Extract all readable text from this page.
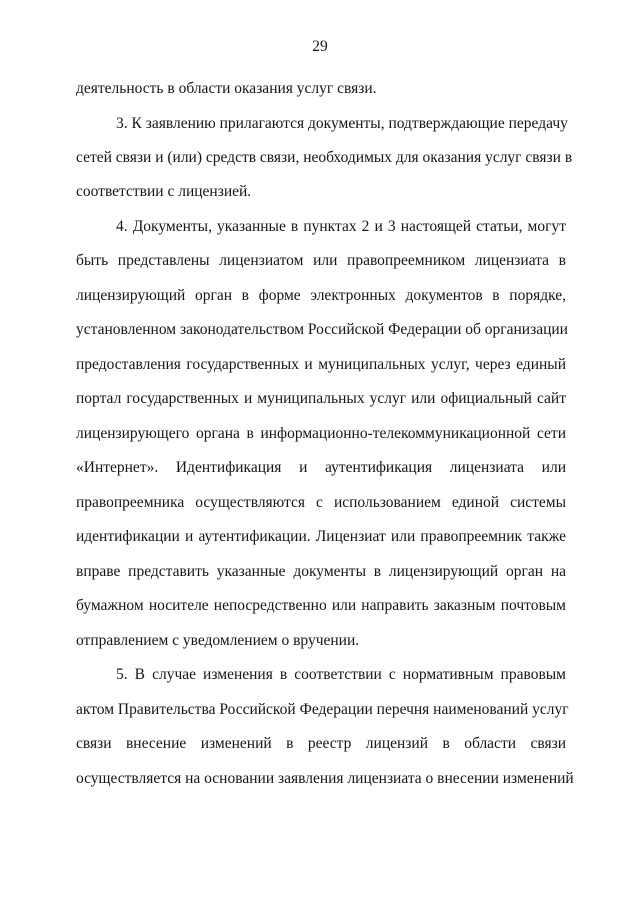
29
деятельность в области оказания услуг связи.
3. К заявлению прилагаются документы, подтверждающие передачу
сетей связи и (или) средств связи, необходимых для оказания услуг связи в
соответствии с лицензией.
4. Документы, указанные в пунктах 2 и 3 настоящей статьи, могут
быть представлены лицензиатом или правопреемником лицензиата в
лицензирующий орган в форме электронных документов в порядке,
установленном законодательством Российской Федерации об организации
предоставления государственных и муниципальных услуг, через единый
портал государственных и муниципальных услуг или официальный сайт
лицензирующего органа в информационно-телекоммуникационной сети
«Интернет». Идентификация и аутентификация лицензиата или
правопреемника осуществляются с использованием единой системы
идентификации и аутентификации. Лицензиат или правопреемник также
вправе представить указанные документы в лицензирующий орган на
бумажном носителе непосредственно или направить заказным почтовым
отправлением с уведомлением о вручении.
5. В случае изменения в соответствии с нормативным правовым
актом Правительства Российской Федерации перечня наименований услуг
связи внесение изменений в реестр лицензий в области связи
осуществляется на основании заявления лицензиата о внесении изменений
